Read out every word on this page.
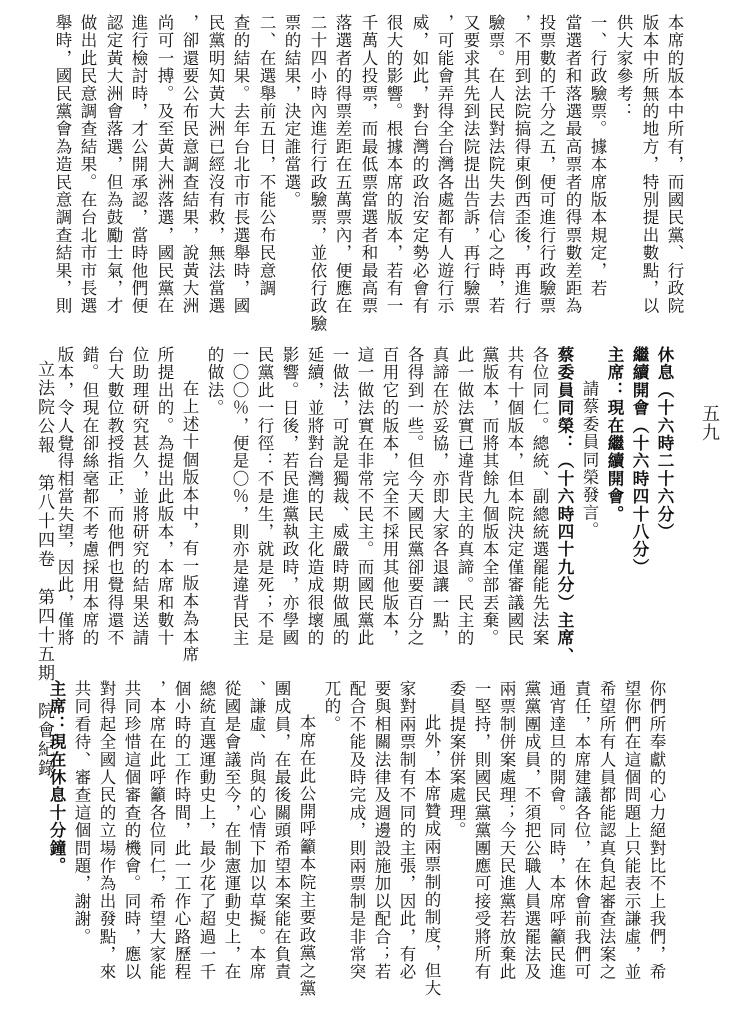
立法院公報　第八十四卷　第四十五期　院會紀錄	五九
本席的版本中所有，而國民黨、行政院
版本中所無的地方，特別提出數點，以
供大家參考：
一、行政驗票。據本席版本規定，若
當選者和落選最高票者的得票數差距為
投票數的千分之五，便可進行行政驗票
，不用到法院搞得東倒西歪後，再進行
驗票。在人民對法院失去信心之時，若
又要求其先到法院提出告訴，再行驗票
，可能會弄得全台灣各處都有人遊行示
威，如此，對台灣的政治安定勢必會有
很大的影響。根據本席的版本，若有一
千萬人投票，而最低票當選者和最高票
落選者的得票差距在五萬票內，便應在
二十四小時內進行行政驗票，並依行政驗
票的結果，決定誰當選。
二、在選舉前五日，不能公布民意調
查的結果。去年台北市市長選舉時，國
民黨明知黃大洲已經沒有救，無法當選
，卻還要公布民意調查結果，說黃大洲
尚可一搏。及至黃大洲落選，國民黨在
進行檢討時，才公開承認，當時他們便
認定黃大洲會落選，但為鼓勵士氣，才
做出此民意調查結果。在台北市市長選
舉時，國民黨會為造民意調查結果，則
休息（十六時二十六分）
繼續開會（十六時四十八分）
主席：現在繼續開會。
請蔡委員同榮發言。
蔡委員同榮：（十六時四十九分）主席、
各位同仁。總統、副總統選罷能先法案
共有十個版本，但本院決定僅審議國民
黨版本，而將其餘九個版本全部丟棄。
此一做法實已違背民主的真諦。民主的
真諦在於妥協，亦即大家各退讓一點，
各得到一些。但今天國民黨卻要百分之
百用它的版本，完全不採用其他版本，
這一做法實在非常不民主。而國民黨此
一做法，可說是獨裁、威嚴時期做風的
延續，並將對台灣的民主化造成很壞的
影響。日後，若民進黨執政時，亦學國
民黨此一行徑：不是生，就是死；不是
一〇〇％，便是〇％，則亦是違背民主
的做法。
在上述十個版本中，有一版本為本席
所提出的。為提出此版本，本席和數十
位助理研究甚久，並將研究的結果送請
台大數位教授指正，而他們也覺得還不
錯。但現在卻絲毫都不考慮採用本席的
版本，令人覺得相當失望，因此，僅將
你們所奉獻的心力絕對比不上我們，希
望你們在這個問題上只能表示謙虛，並
希望所有人員都能認真負起審查法案之
責任，本席建議各位，在休會前我們可
通宵達旦的開會。同時，本席呼籲民進
黨黨團成員，不須把公職人員選罷法及
兩票制併案處理；今天民進黨若放棄此
一堅持，則國民黨黨團應可接受將所有
委員提案併案處理。
此外，本席贊成兩票制的制度，但大
家對兩票制有不同的主張，因此，有必
要與相關法律及週邊設施加以配合；若
配合不能及時完成，則兩票制是非常突
兀的。
本席在此公開呼籲本院主要政黨之黨
團成員，在最後關頭希望本案能在負責
、謙虛、尚與的心情下加以草擬。本席
從國是會議至今，在制憲運動史上，在
總統直選運動史上，最少花了超過一千
個小時的工作時間，此一工作心路歷程
，本席在此呼籲各位同仁，希望大家能
共同珍惜這個審查的機會。同時，應以
對得起全國人民的立場作為出發點，來
共同看待、審查這個問題，謝謝。
主席：現在休息十分鐘。
